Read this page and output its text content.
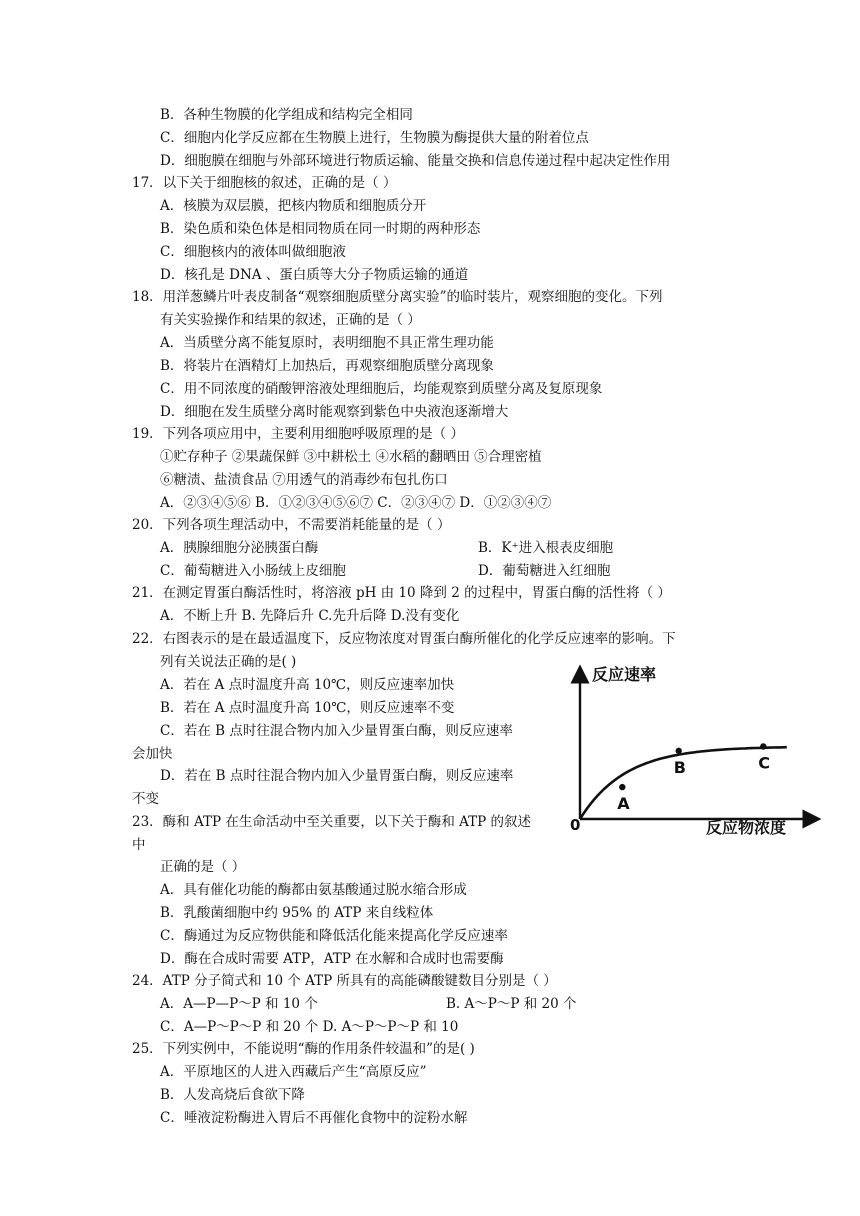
B．各种生物膜的化学组成和结构完全相同
C．细胞内化学反应都在生物膜上进行，生物膜为酶提供大量的附着位点
D．细胞膜在细胞与外部环境进行物质运输、能量交换和信息传递过程中起决定性作用
17．以下关于细胞核的叙述，正确的是（ ）
A．核膜为双层膜，把核内物质和细胞质分开
B．染色质和染色体是相同物质在同一时期的两种形态
C．细胞核内的液体叫做细胞液
D．核孔是 DNA 、蛋白质等大分子物质运输的通道
18．用洋葱鳞片叶表皮制备“观察细胞质壁分离实验”的临时装片，观察细胞的变化。下列
有关实验操作和结果的叙述，正确的是（ ）
A．当质壁分离不能复原时，表明细胞不具正常生理功能
B．将装片在酒精灯上加热后，再观察细胞质壁分离现象
C．用不同浓度的硝酸钾溶液处理细胞后，均能观察到质壁分离及复原现象
D．细胞在发生质壁分离时能观察到紫色中央液泡逐渐增大
19．下列各项应用中，主要利用细胞呼吸原理的是（ ）
①贮存种子 ②果蔬保鲜 ③中耕松土 ④水稻的翻晒田 ⑤合理密植
⑥糖渍、盐渍食品 ⑦用透气的消毒纱布包扎伤口
A．②③④⑤⑥ B．①②③④⑤⑥⑦ C．②③④⑦ D．①②③④⑦
20．下列各项生理活动中，不需要消耗能量的是（ ）
A．胰腺细胞分泌胰蛋白酶	B．K⁺进入根表皮细胞
C．葡萄糖进入小肠绒上皮细胞	D．葡萄糖进入红细胞
21．在测定胃蛋白酶活性时，将溶液 pH 由 10 降到 2 的过程中，胃蛋白酶的活性将（ ）
A．不断上升 B. 先降后升 C.先升后降 D.没有变化
22．右图表示的是在最适温度下，反应物浓度对胃蛋白酶所催化的化学反应速率的影响。下
列有关说法正确的是( )
A．若在 A 点时温度升高 10℃，则反应速率加快
B．若在 A 点时温度升高 10℃，则反应速率不变
C．若在 B 点时往混合物内加入少量胃蛋白酶，则反应速率
会加快
D．若在 B 点时往混合物内加入少量胃蛋白酶，则反应速率
不变
23．酶和 ATP 在生命活动中至关重要，以下关于酶和 ATP 的叙述
中
正确的是（ ）
A．具有催化功能的酶都由氨基酸通过脱水缩合形成
B．乳酸菌细胞中约 95% 的 ATP 来自线粒体
C．酶通过为反应物供能和降低活化能来提高化学反应速率
D．酶在合成时需要 ATP，ATP 在水解和合成时也需要酶
24．ATP 分子简式和 10 个 ATP 所具有的高能磷酸键数目分别是（ ）
A．A—P—P～P 和 10 个	B. A～P～P 和 20 个
C．A—P～P～P 和 20 个 D. A～P～P～P 和 10
25．下列实例中，不能说明“酶的作用条件较温和”的是( )
A．平原地区的人进入西藏后产生“高原反应”
B．人发高烧后食欲下降
C．唾液淀粉酶进入胃后不再催化食物中的淀粉水解
反应速率
反应物浓度
0
A
B	C
